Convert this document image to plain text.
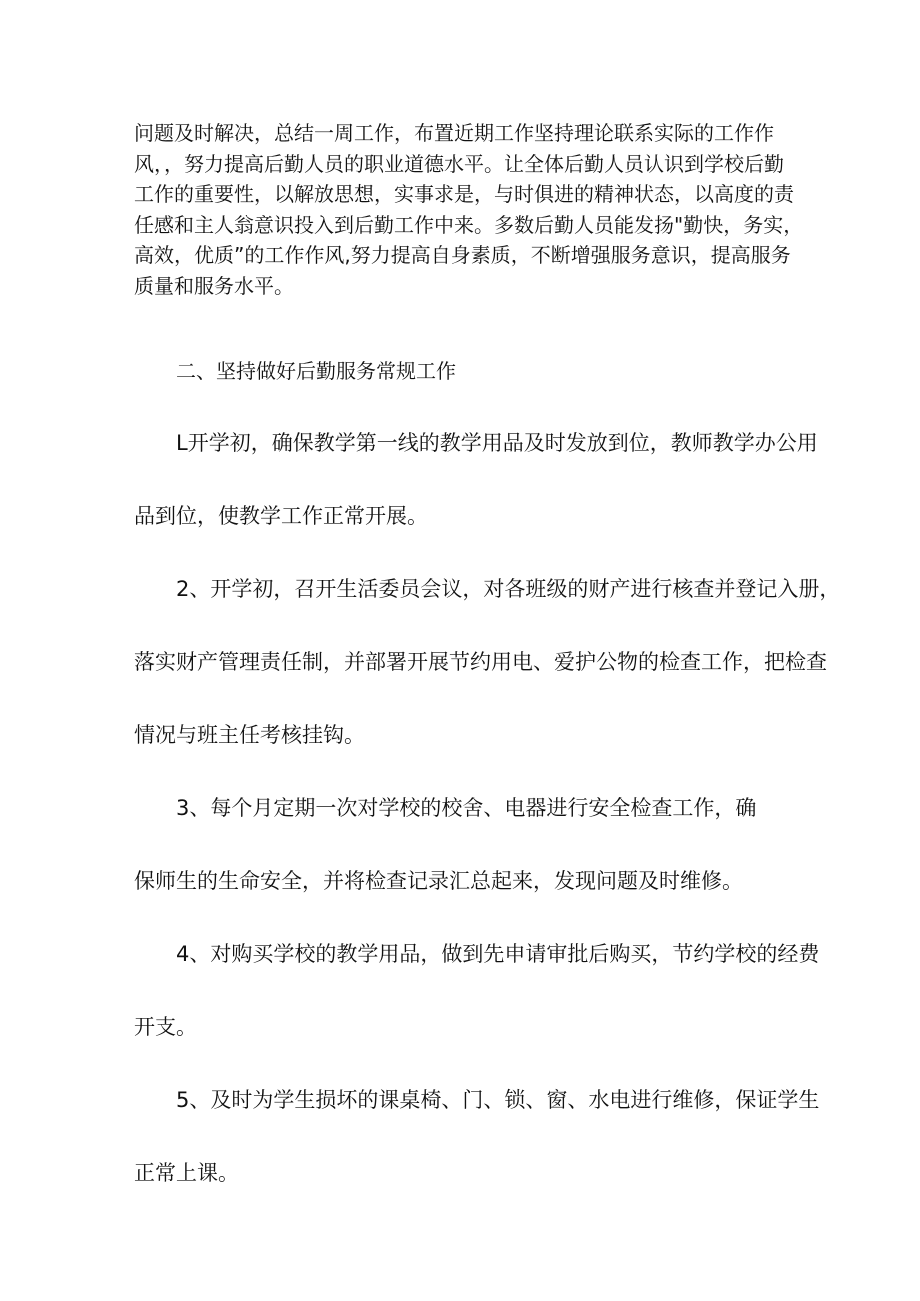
问题及时解决，总结一周工作，布置近期工作坚持理论联系实际的工作作
风，，努力提高后勤人员的职业道德水平。让全体后勤人员认识到学校后勤
工作的重要性，以解放思想，实事求是，与时俱进的精神状态，以高度的责
任感和主人翁意识投入到后勤工作中来。多数后勤人员能发扬"勤快，务实，
高效，优质”的工作作风,努力提高自身素质，不断增强服务意识，提高服务
质量和服务水平。
二、坚持做好后勤服务常规工作
L开学初，确保教学第一线的教学用品及时发放到位，教师教学办公用
品到位，使教学工作正常开展。
2、开学初，召开生活委员会议，对各班级的财产进行核查并登记入册，
落实财产管理责任制，并部署开展节约用电、爱护公物的检查工作，把检查
情况与班主任考核挂钩。
3、每个月定期一次对学校的校舍、电器进行安全检查工作，确
保师生的生命安全，并将检查记录汇总起来，发现问题及时维修。
4、对购买学校的教学用品，做到先申请审批后购买，节约学校的经费
开支。
5、及时为学生损坏的课桌椅、门、锁、窗、水电进行维修，保证学生
正常上课。
